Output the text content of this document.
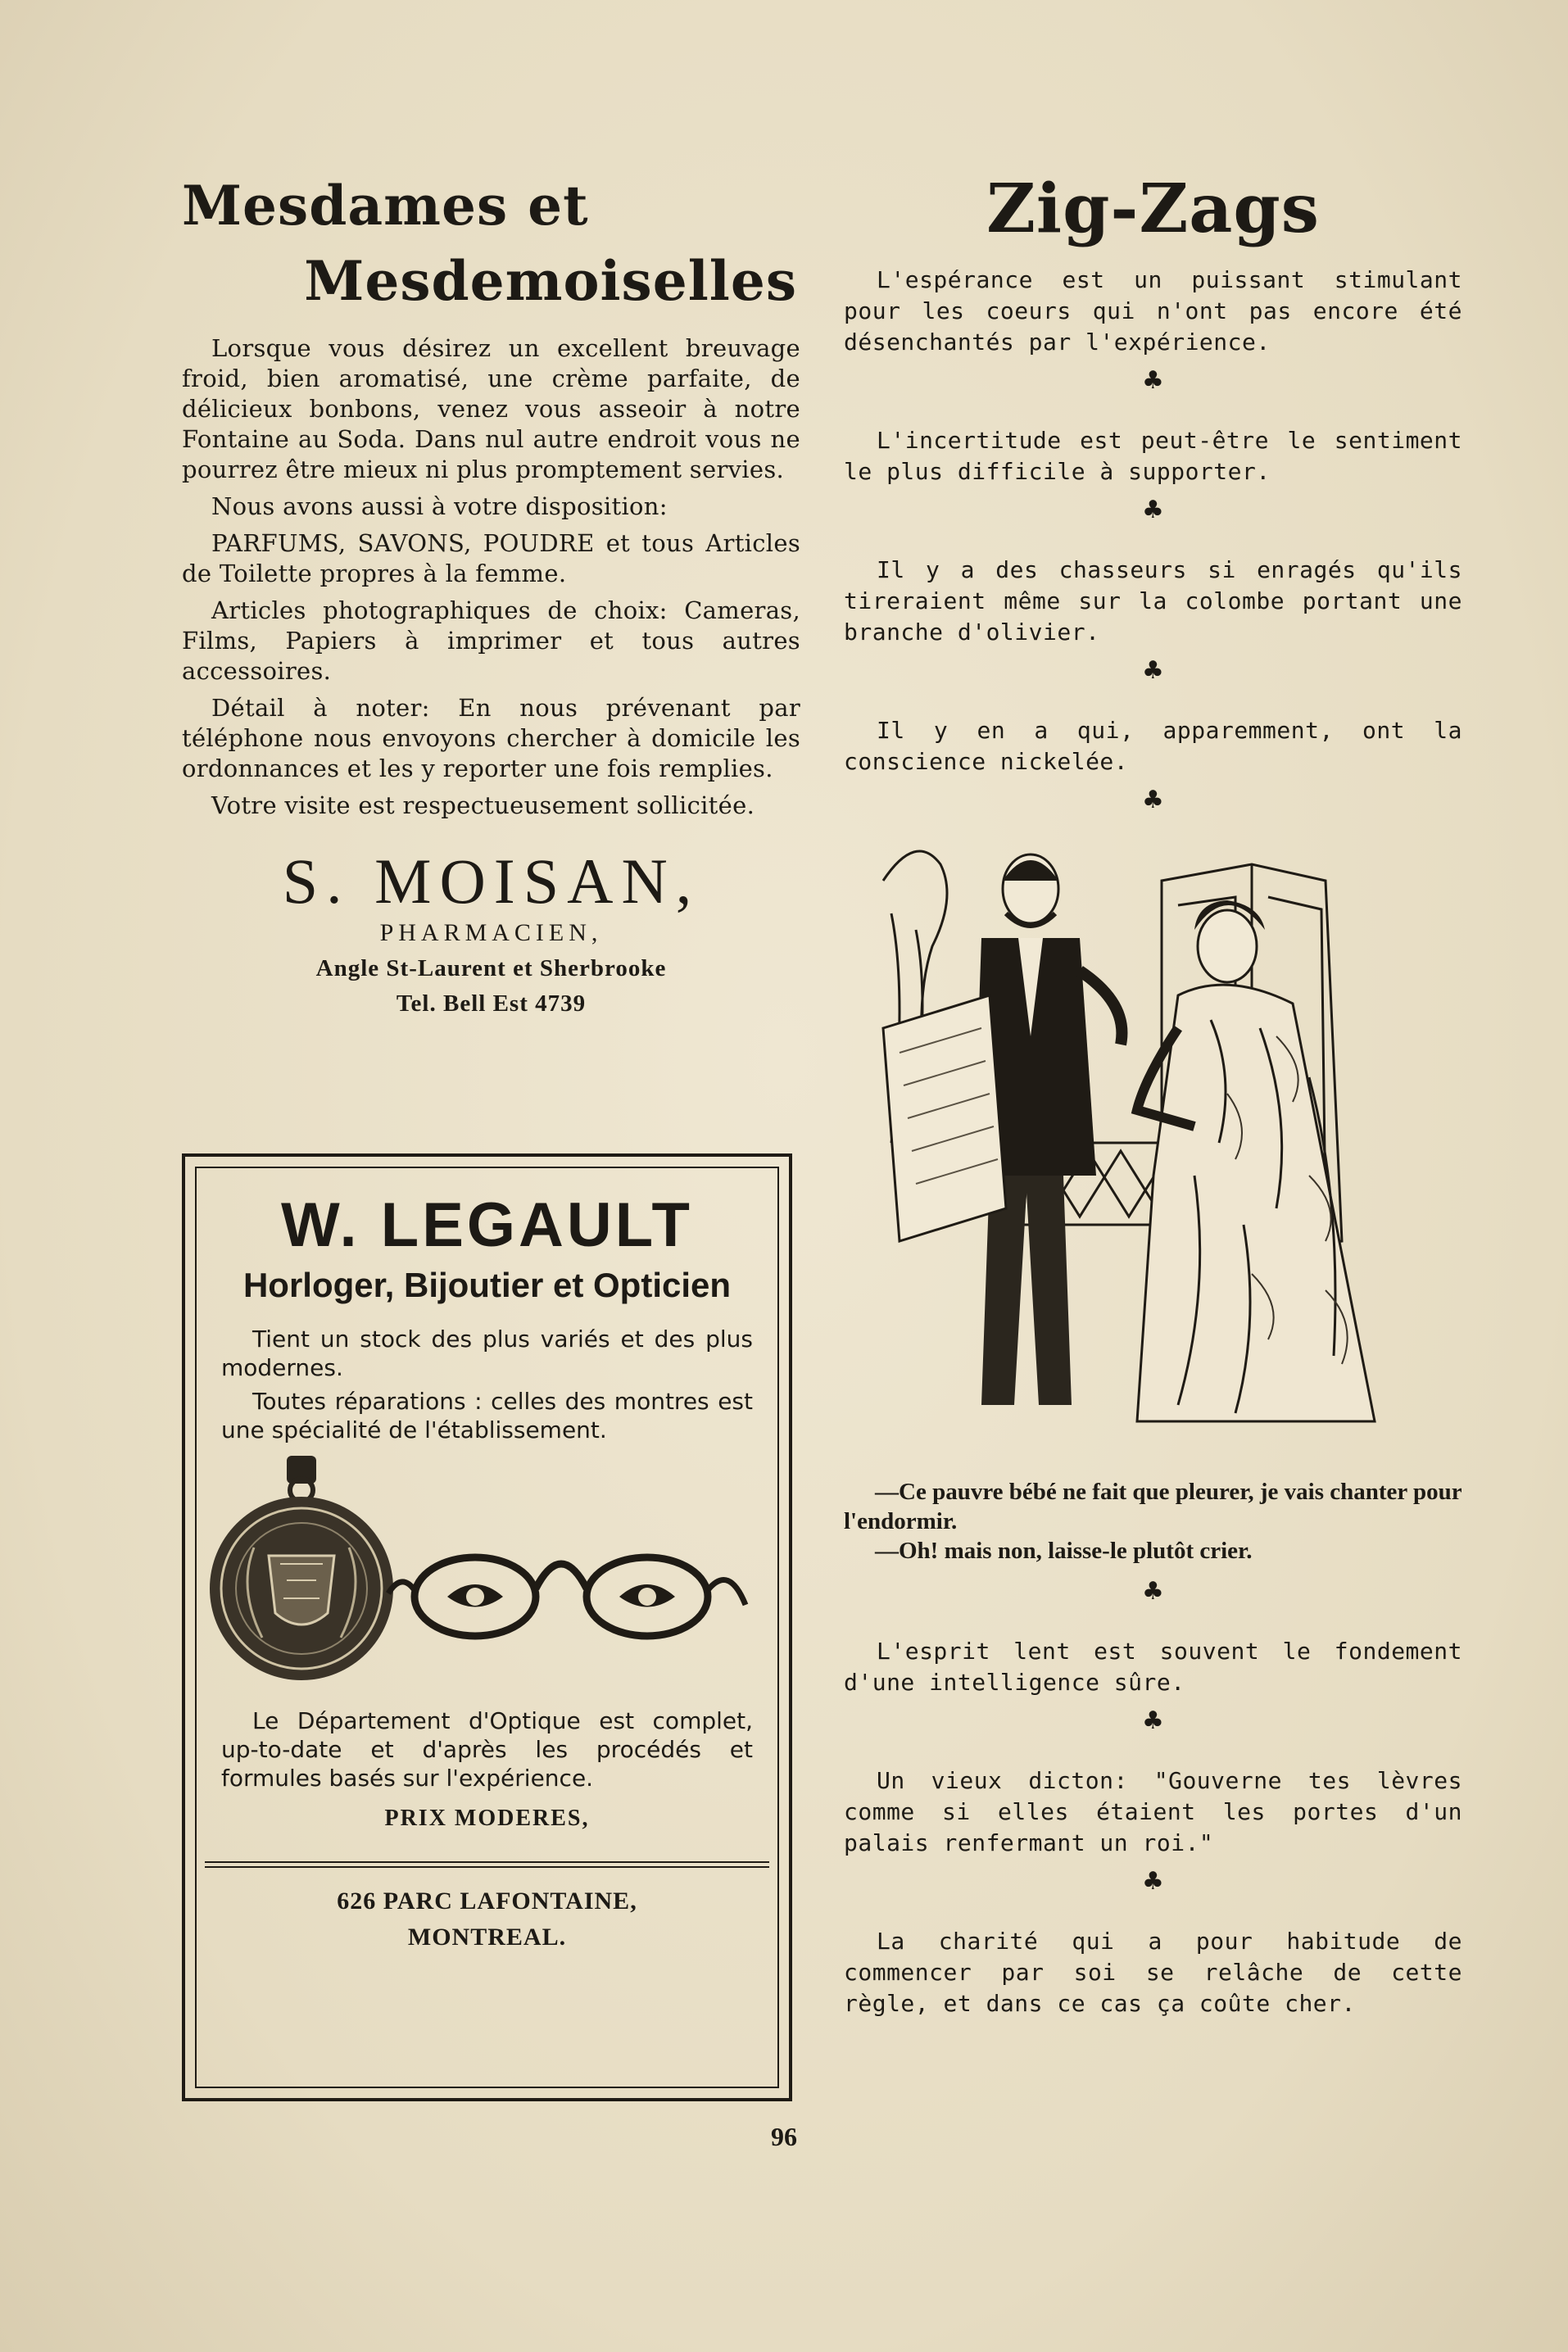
Mesdames et
Mesdemoiselles

Lorsque vous désirez un excellent breuvage froid, bien aromatisé, une crème parfaite, de délicieux bonbons, venez vous asseoir à notre Fontaine au Soda. Dans nul autre endroit vous ne pourrez être mieux ni plus promptement servies.

Nous avons aussi à votre disposition:

PARFUMS, SAVONS, POUDRE et tous Articles de Toilette propres à la femme.

Articles photographiques de choix: Cameras, Films, Papiers à imprimer et tous autres accessoires.

Détail à noter: En nous prévenant par téléphone nous envoyons chercher à domicile les ordonnances et les y reporter une fois remplies.

Votre visite est respectueusement sollicitée.

S. MOISAN,
PHARMACIEN,
Angle St-Laurent et Sherbrooke
Tel. Bell Est 4739
W. LEGAULT
Horloger, Bijoutier et Opticien

Tient un stock des plus variés et des plus modernes.

Toutes réparations : celles des montres est une spécialité de l'établissement.

Le Département d'Optique est complet, up-to-date et d'après les procédés et formules basés sur l'expérience.

PRIX MODERES,
626 PARC LAFONTAINE,
MONTREAL.
Zig-Zags

L'espérance est un puissant stimulant pour les coeurs qui n'ont pas encore été désenchantés par l'expérience.

♣

L'incertitude est peut-être le sentiment le plus difficile à supporter.

♣

Il y a des chasseurs si enragés qu'ils tireraient même sur la colombe portant une branche d'olivier.

♣

Il y en a qui, apparemment, ont la conscience nickelée.

♣

—Ce pauvre bébé ne fait que pleurer, je vais chanter pour l'endormir.

—Oh! mais non, laisse-le plutôt crier.

♣

L'esprit lent est souvent le fondement d'une intelligence sûre.

♣

Un vieux dicton: "Gouverne tes lèvres comme si elles étaient les portes d'un palais renfermant un roi."

♣

La charité qui a pour habitude de commencer par soi se relâche de cette règle, et dans ce cas ça coûte cher.

96
